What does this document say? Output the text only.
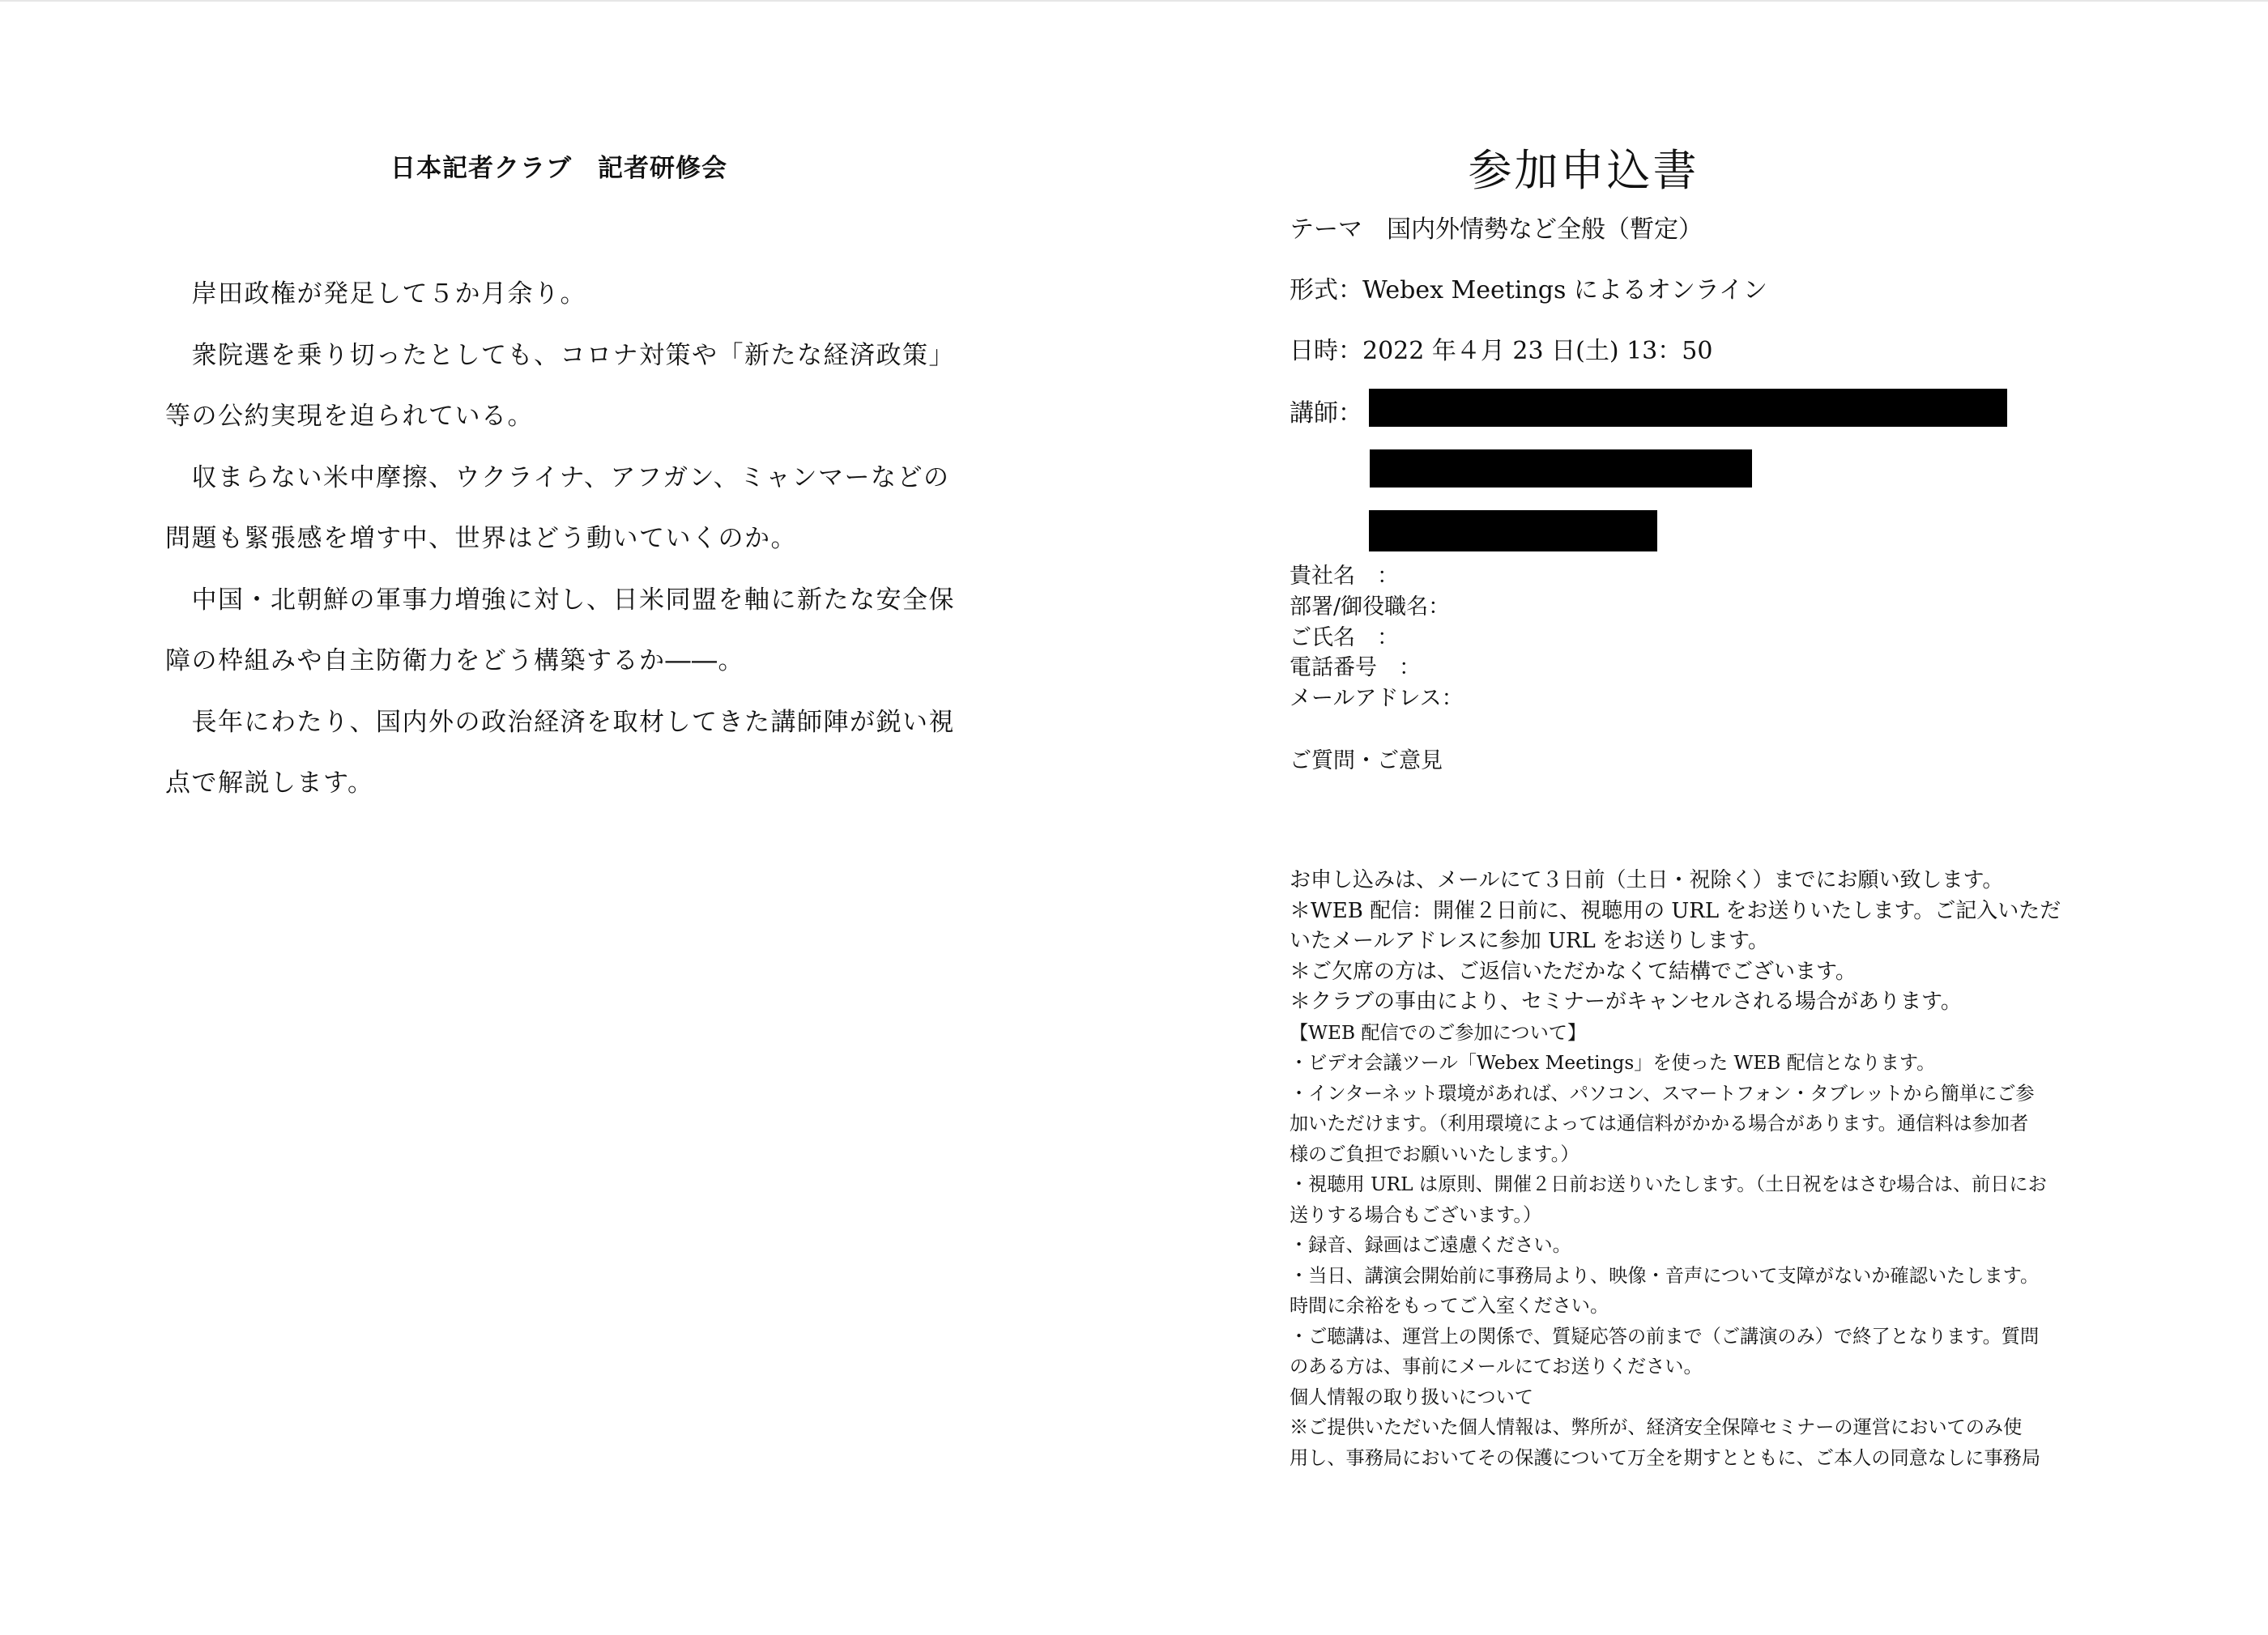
日本記者クラブ　記者研修会

　岸田政権が発足して５か月余り。

　衆院選を乗り切ったとしても、コロナ対策や「新たな経済政策」

等の公約実現を迫られている。

　収まらない米中摩擦、ウクライナ、アフガン、ミャンマーなどの

問題も緊張感を増す中、世界はどう動いていくのか。

　中国・北朝鮮の軍事力増強に対し、日米同盟を軸に新たな安全保

障の枠組みや自主防衛力をどう構築するか――。

　長年にわたり、国内外の政治経済を取材してきた講師陣が鋭い視

点で解説します。

参加申込書
テーマ　国内外情勢など全般（暫定）
形式：Webex Meetings によるオンライン
日時：2022 年４月 23 日(土) 13：50
講師：
貴社名　：
部署/御役職名：
ご氏名　：
電話番号　：
メールアドレス：
ご質問・ご意見
お申し込みは、メールにて３日前（土日・祝除く）までにお願い致します。
＊WEB 配信：開催２日前に、視聴用の URL をお送りいたします。ご記入いただ
いたメールアドレスに参加 URL をお送りします。
＊ご欠席の方は、ご返信いただかなくて結構でございます。
＊クラブの事由により、セミナーがキャンセルされる場合があります。
【WEB 配信でのご参加について】
・ビデオ会議ツール「Webex Meetings」を使った WEB 配信となります。
・インターネット環境があれば、パソコン、スマートフォン・タブレットから簡単にご参
加いただけます。（利用環境によっては通信料がかかる場合があります。通信料は参加者
様のご負担でお願いいたします。）
・視聴用 URL は原則、開催２日前お送りいたします。（土日祝をはさむ場合は、前日にお
送りする場合もございます。）
・録音、録画はご遠慮ください。
・当日、講演会開始前に事務局より、映像・音声について支障がないか確認いたします。
時間に余裕をもってご入室ください。
・ご聴講は、運営上の関係で、質疑応答の前まで（ご講演のみ）で終了となります。質問
のある方は、事前にメールにてお送りください。
個人情報の取り扱いについて
※ご提供いただいた個人情報は、弊所が、経済安全保障セミナーの運営においてのみ使
用し、事務局においてその保護について万全を期すとともに、ご本人の同意なしに事務局
